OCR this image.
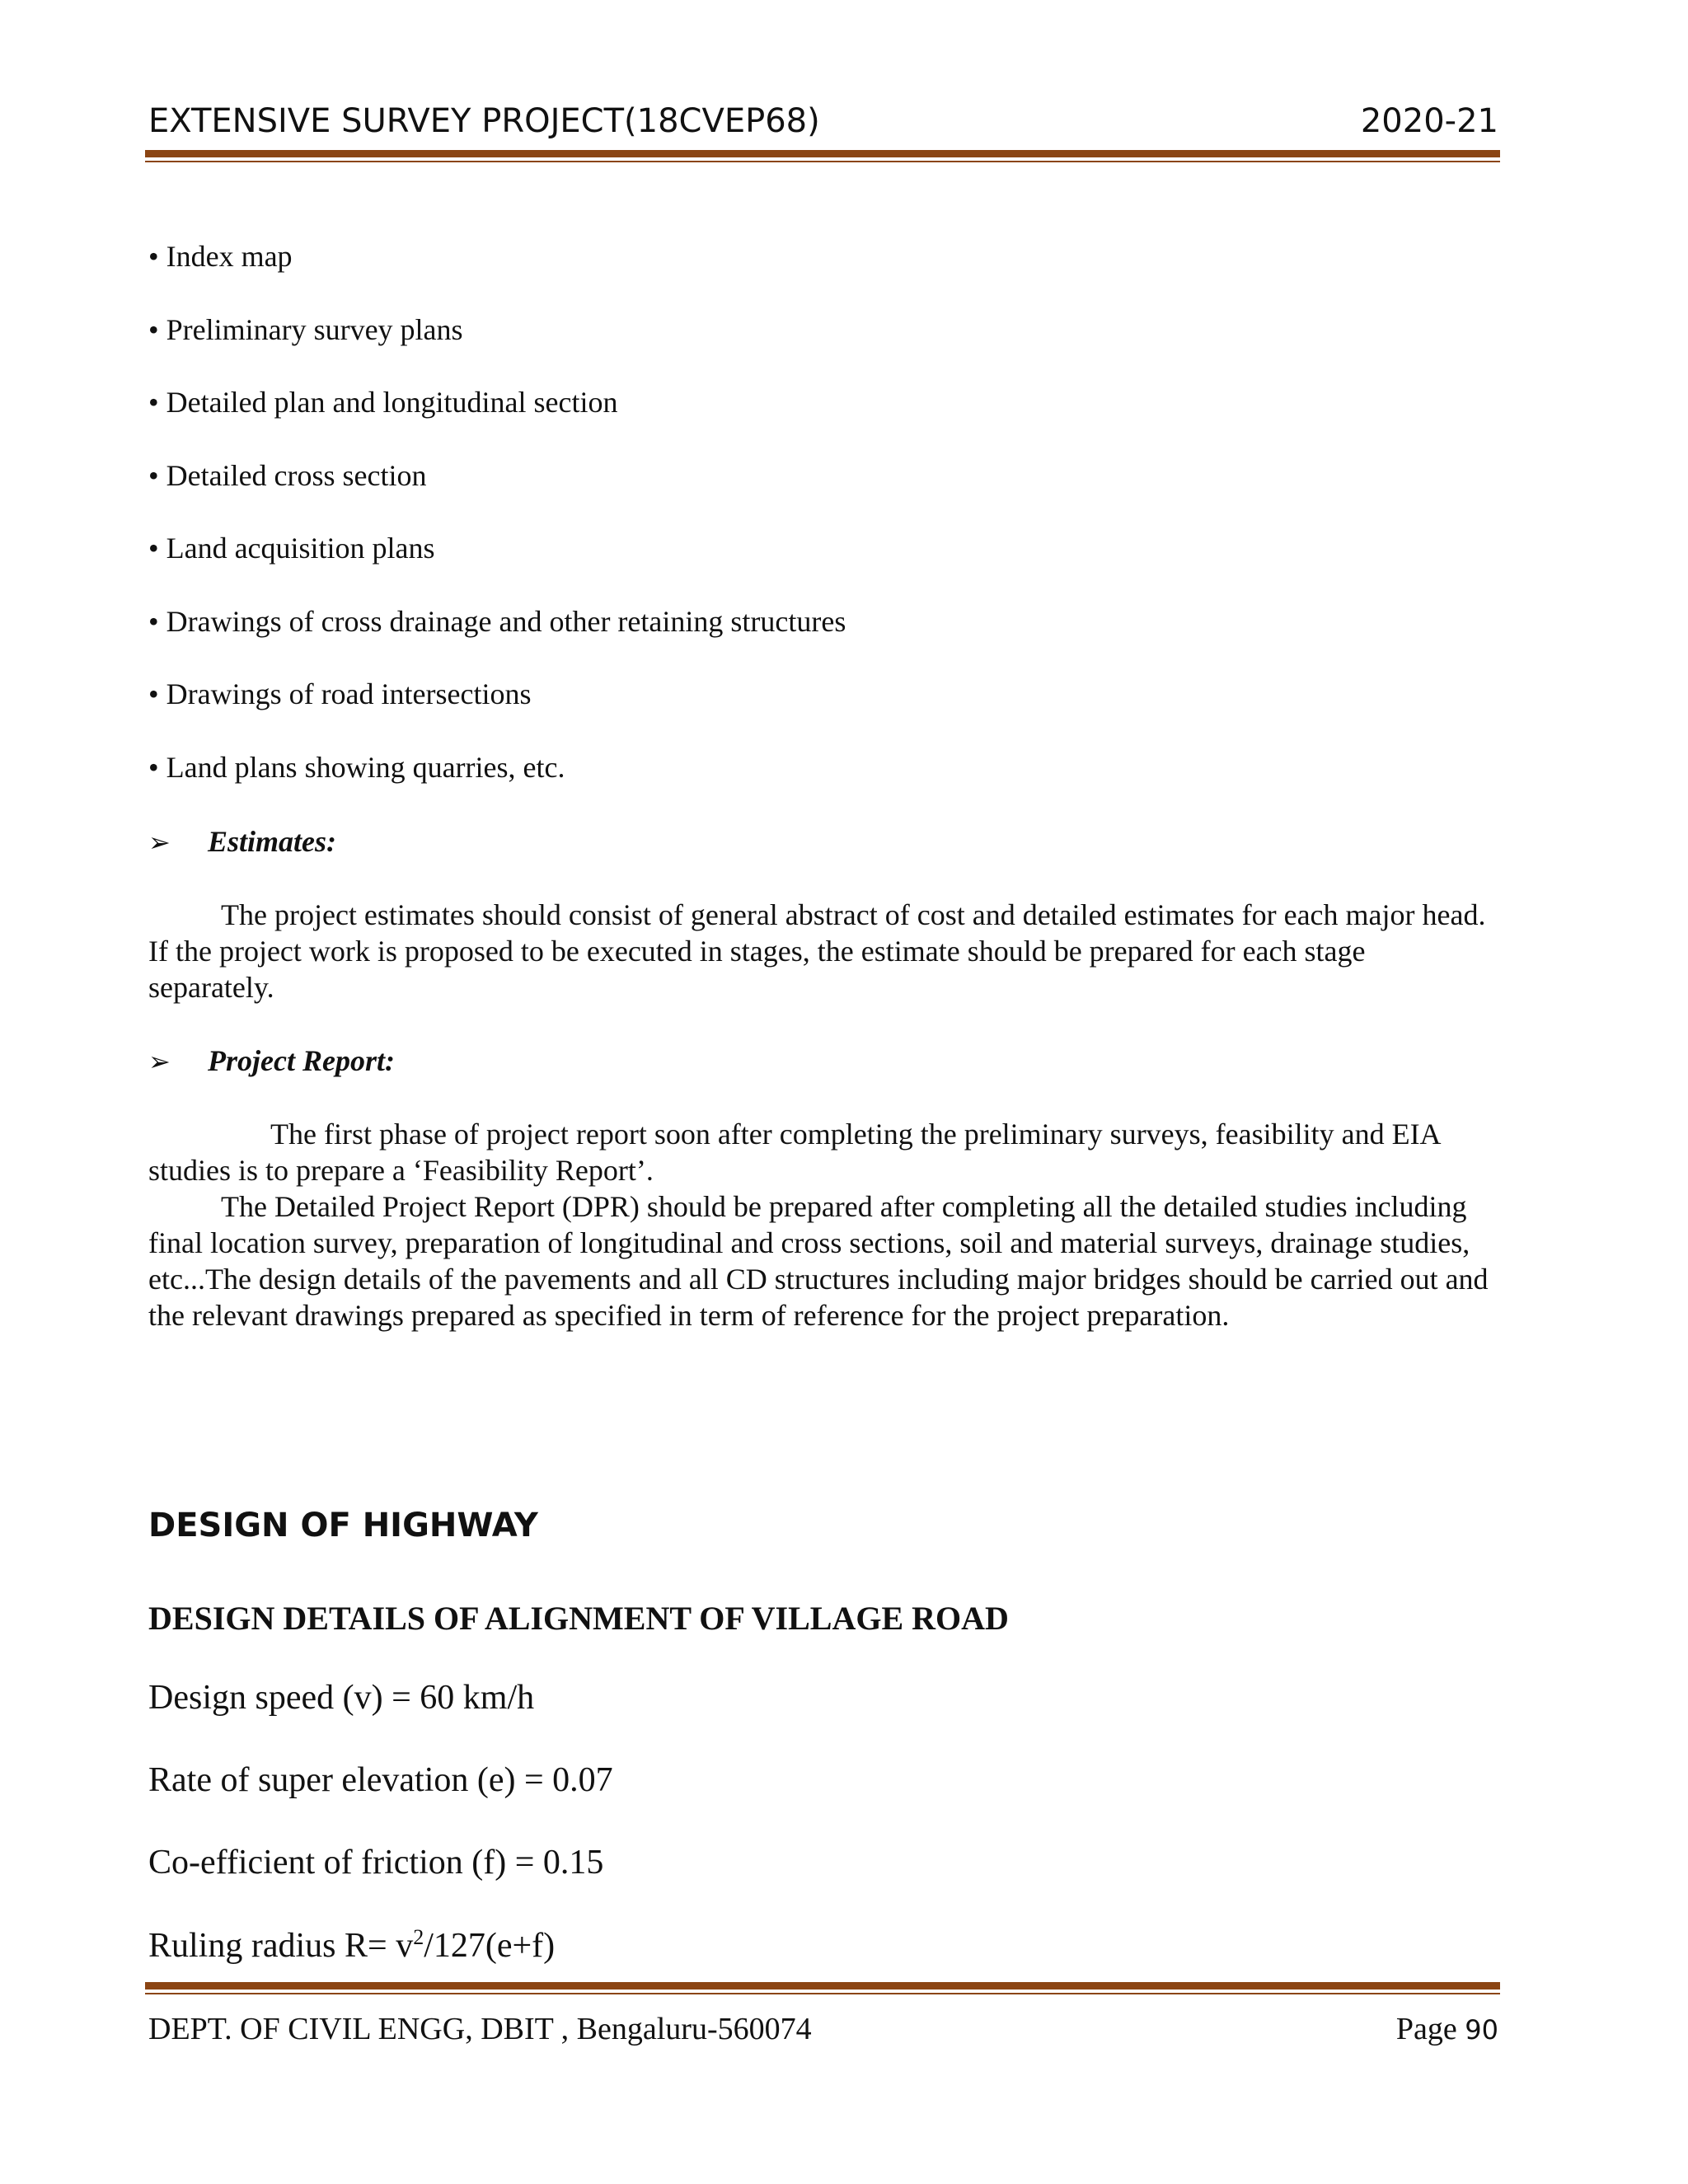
EXTENSIVE SURVEY PROJECT(18CVEP68)	2020-21
• Index map
• Preliminary survey plans
• Detailed plan and longitudinal section
• Detailed cross section
• Land acquisition plans
• Drawings of cross drainage and other retaining structures
• Drawings of road intersections
• Land plans showing quarries, etc.
➢ Estimates:

The project estimates should consist of general abstract of cost and detailed estimates for each major head. If the project work is proposed to be executed in stages, the estimate should be prepared for each stage separately.

➢ Project Report:

The first phase of project report soon after completing the preliminary surveys, feasibility and EIA studies is to prepare a ‘Feasibility Report’.

The Detailed Project Report (DPR) should be prepared after completing all the detailed studies including final location survey, preparation of longitudinal and cross sections, soil and material surveys, drainage studies, etc...The design details of the pavements and all CD structures including major bridges should be carried out and the relevant drawings prepared as specified in term of reference for the project preparation.

DESIGN OF HIGHWAY
DESIGN DETAILS OF ALIGNMENT OF VILLAGE ROAD
Design speed (v) = 60 km/h
Rate of super elevation (e) = 0.07
Co-efficient of friction (f) = 0.15
Ruling radius $R= v^2/127(e+f)$
DEPT. OF CIVIL ENGG, DBIT , Bengaluru-560074	Page 90
